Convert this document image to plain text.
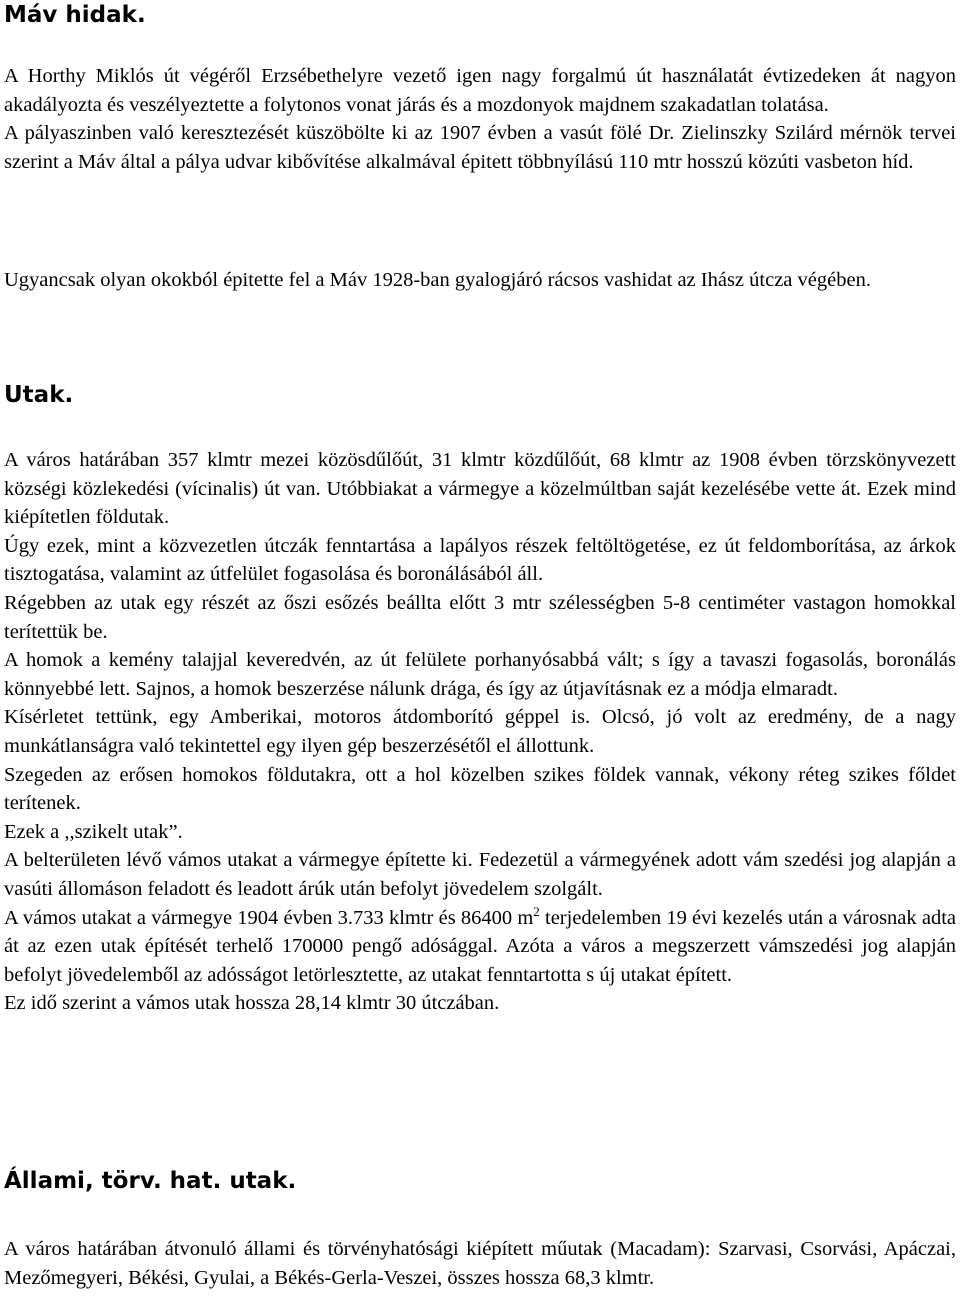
Máv hidak.

A Horthy Miklós út végéről Erzsébethelyre vezető igen nagy forgalmú út használatát évtizedeken át nagyon akadályozta és veszélyeztette a folytonos vonat járás és a mozdonyok majdnem szakadatlan tolatása.

A pályaszinben való keresztezését küszöbölte ki az 1907 évben a vasút fölé Dr. Zielinszky Szilárd mérnök tervei szerint a Máv által a pálya udvar kibővítése alkalmával épitett többnyílású 110 mtr hosszú közúti vasbeton híd.

Ugyancsak olyan okokból épitette fel a Máv 1928-ban gyalogjáró rácsos vashidat az Ihász útcza végében.

Utak.

A város határában 357 klmtr mezei közösdűlőút, 31 klmtr közdűlőút, 68 klmtr az 1908 évben törzskönyvezett községi közlekedési (vícinalis) út van. Utóbbiakat a vármegye a közelmúltban saját kezelésébe vette át. Ezek mind kiépítetlen földutak.

Úgy ezek, mint a közvezetlen útczák fenntartása a lapályos részek feltöltögetése, ez út feldomborítása, az árkok tisztogatása, valamint az útfelület fogasolása és boronálásából áll.

Régebben az utak egy részét az őszi esőzés beállta előtt 3 mtr szélességben 5-8 centiméter vastagon homokkal terítettük be.

A homok a kemény talajjal keveredvén, az út felülete porhanyósabbá vált; s így a tavaszi fogasolás, boronálás könnyebbé lett. Sajnos, a homok beszerzése nálunk drága, és így az útjavításnak ez a módja elmaradt.

Kísérletet tettünk, egy Amberikai, motoros átdomborító géppel is. Olcsó, jó volt az eredmény, de a nagy munkátlanságra való tekintettel egy ilyen gép beszerzésétől el állottunk.

Szegeden az erősen homokos földutakra, ott a hol közelben szikes földek vannak, vékony réteg szikes főldet terítenek.

Ezek a ,,szikelt utak”.

A belterületen lévő vámos utakat a vármegye építette ki. Fedezetül a vármegyének adott vám szedési jog alapján a vasúti állomáson feladott és leadott árúk után befolyt jövedelem szolgált.

A vámos utakat a vármegye 1904 évben 3.733 klmtr és 86400 $m^2$ terjedelemben 19 évi kezelés után a városnak adta át az ezen utak építését terhelő 170000 pengő adósággal. Azóta a város a megszerzett vámszedési jog alapján befolyt jövedelemből az adósságot letörlesztette, az utakat fenntartotta s új utakat épített.

Ez idő szerint a vámos utak hossza 28,14 klmtr 30 útczában.

Állami, törv. hat. utak.

A város határában átvonuló állami és törvényhatósági kiépített műutak (Macadam): Szarvasi, Csorvási, Apáczai, Mezőmegyeri, Békési, Gyulai, a Békés-Gerla-Veszei, összes hossza 68,3 klmtr.
